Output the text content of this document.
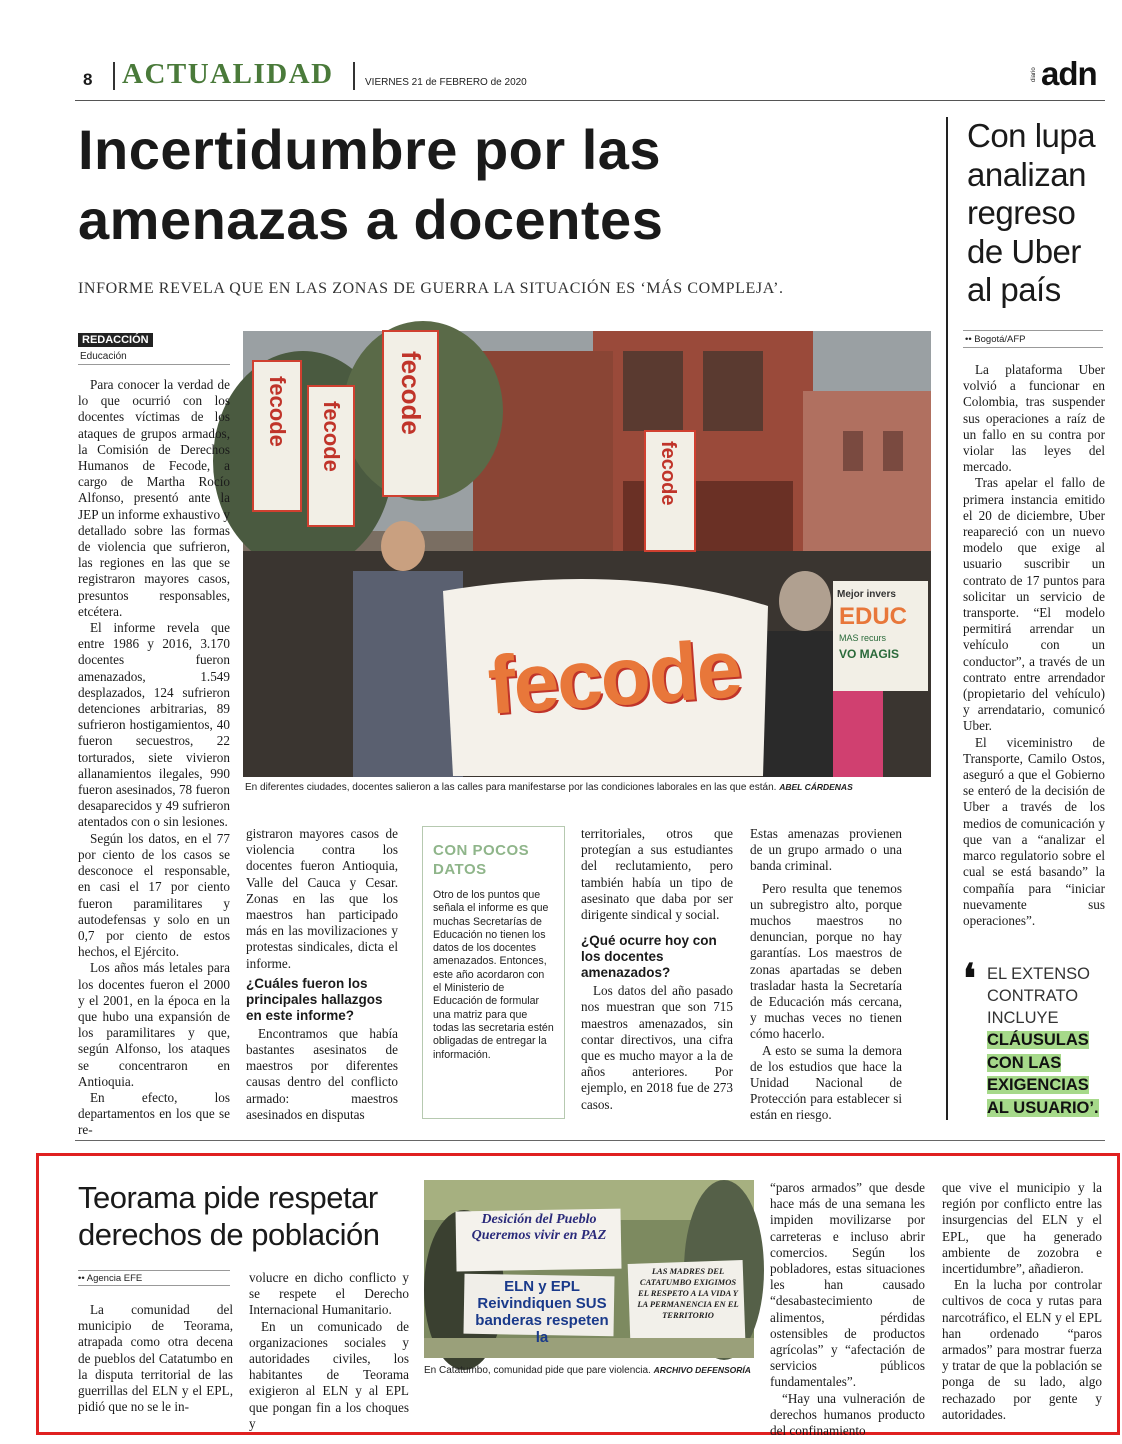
8 ACTUALIDAD	VIERNES 21 de FEBRERO de 2020
diario adn
Incertidumbre por las
amenazas a docentes
INFORME REVELA QUE EN LAS ZONAS DE GUERRA LA SITUACIÓN ES ‘MÁS COMPLEJA’.
REDACCIÓN
Educación
fecode
fecode
fecode fecode
fecode
Mejor invers
EDUC
MAS recurs
VO MAGIS
En diferentes ciudades, docentes salieron a las calles para manifestarse por las condiciones laborales en las que están. ABEL CÁRDENAS

Para conocer la verdad de lo que ocurrió con los docentes víctimas de los ataques de grupos armados, la Comisión de Derechos Humanos de Fecode, a cargo de Martha Rocío Alfonso, presentó ante la JEP un informe exhaustivo y detallado sobre las formas de violencia que sufrieron, las regiones en las que se registraron mayores casos, presuntos responsables, etcétera.

El informe revela que entre 1986 y 2016, 3.170 docentes fueron amenazados, 1.549 desplazados, 124 sufrieron detenciones arbitrarias, 89 sufrieron hostigamientos, 40 fueron secuestros, 22 torturados, siete vivieron allanamientos ilegales, 990 fueron asesinados, 78 fueron desaparecidos y 49 sufrieron atentados con o sin lesiones.

Según los datos, en el 77 por ciento de los casos se desconoce el responsable, en casi el 17 por ciento fueron paramilitares y autodefensas y solo en un 0,7 por ciento de estos hechos, el Ejército.

Los años más letales para los docentes fueron el 2000 y el 2001, en la época en la que hubo una expansión de los paramilitares y que, según Alfonso, los ataques se concentraron en Antioquia.

En efecto, los departamentos en los que se re-

gistraron mayores casos de violencia contra los docentes fueron Antioquia, Valle del Cauca y Cesar. Zonas en las que los maestros han participado más en las movilizaciones y protestas sindicales, dicta el informe.

¿Cuáles fueron los principales hallazgos en este informe?

Encontramos que había bastantes asesinatos de maestros por diferentes causas dentro del conflicto armado: maestros asesinados en disputas

CON POCOS DATOS
Otro de los puntos que señala el informe es que muchas Secretarías de Educación no tienen los datos de los docentes amenazados. Entonces, este año acordaron con el Ministerio de Educación de formular una matriz para que todas las secretaria estén obligadas de entregar la información.

territoriales, otros que protegían a sus estudiantes del reclutamiento, pero también había un tipo de asesinato que daba por ser dirigente sindical y social.

¿Qué ocurre hoy con los docentes amenazados?

Los datos del año pasado nos muestran que son 715 maestros amenazados, sin contar directivos, una cifra que es mucho mayor a la de años anteriores. Por ejemplo, en 2018 fue de 273 casos.

Estas amenazas provienen de un grupo armado o una banda criminal.

Pero resulta que tenemos un subregistro alto, porque muchos maestros no denuncian, porque no hay garantías. Los maestros de zonas apartadas se deben trasladar hasta la Secretaría de Educación más cercana, y muchas veces no tienen cómo hacerlo.

A esto se suma la demora de los estudios que hace la Unidad Nacional de Protección para establecer si están en riesgo.

Con lupa analizan regreso de Uber al país
•• Bogotá/AFP

La plataforma Uber volvió a funcionar en Colombia, tras suspender sus operaciones a raíz de un fallo en su contra por violar las leyes del mercado.

Tras apelar el fallo de primera instancia emitido el 20 de diciembre, Uber reapareció con un nuevo modelo que exige al usuario suscribir un contrato de 17 puntos para solicitar un servicio de transporte. “El modelo permitirá arrendar un vehículo con un conductor”, a través de un contrato entre arrendador (propietario del vehículo) y arrendatario, comunicó Uber.

El viceministro de Transporte, Camilo Ostos, aseguró a que el Gobierno se enteró de la decisión de Uber a través de los medios de comunicación y que van a “analizar el marco regulatorio sobre el cual se está basando” la compañía para “iniciar nuevamente sus operaciones”.

❛ EL EXTENSO CONTRATO INCLUYE
CLÁUSULAS CON LAS EXIGENCIAS AL USUARIO’.
Teorama pide respetar derechos de población
•• Agencia EFE

La comunidad del municipio de Teorama, atrapada como otra decena de pueblos del Catatumbo en la disputa territorial de las guerrillas del ELN y el EPL, pidió que no se le in-

volucre en dicho conflicto y se respete el Derecho Internacional Humanitario.

En un comunicado de organizaciones sociales y autoridades civiles, los habitantes de Teorama exigieron al ELN y al EPL que pongan fin a los choques y

Desición del Pueblo Queremos vivir en PAZ
ELN y EPL Reivindiquen SUS banderas respeten la
LAS MADRES DEL CATATUMBO EXIGIMOS EL RESPETO A LA VIDA Y LA PERMANENCIA EN EL TERRITORIO
En Catatumbo, comunidad pide que pare violencia. ARCHIVO DEFENSORÍA

“paros armados” que desde hace más de una semana les impiden movilizarse por carreteras e incluso abrir comercios. Según los pobladores, estas situaciones les han causado “desabastecimiento de alimentos, pérdidas ostensibles de productos agrícolas” y “afectación de servicios públicos fundamentales”.

“Hay una vulneración de derechos humanos producto del confinamiento

que vive el municipio y la región por conflicto entre las insurgencias del ELN y el EPL, que ha generado ambiente de zozobra e incertidumbre”, añadieron.

En la lucha por controlar cultivos de coca y rutas para narcotráfico, el ELN y el EPL han ordenado “paros armados” para mostrar fuerza y tratar de que la población se ponga de su lado, algo rechazado por gente y autoridades.
